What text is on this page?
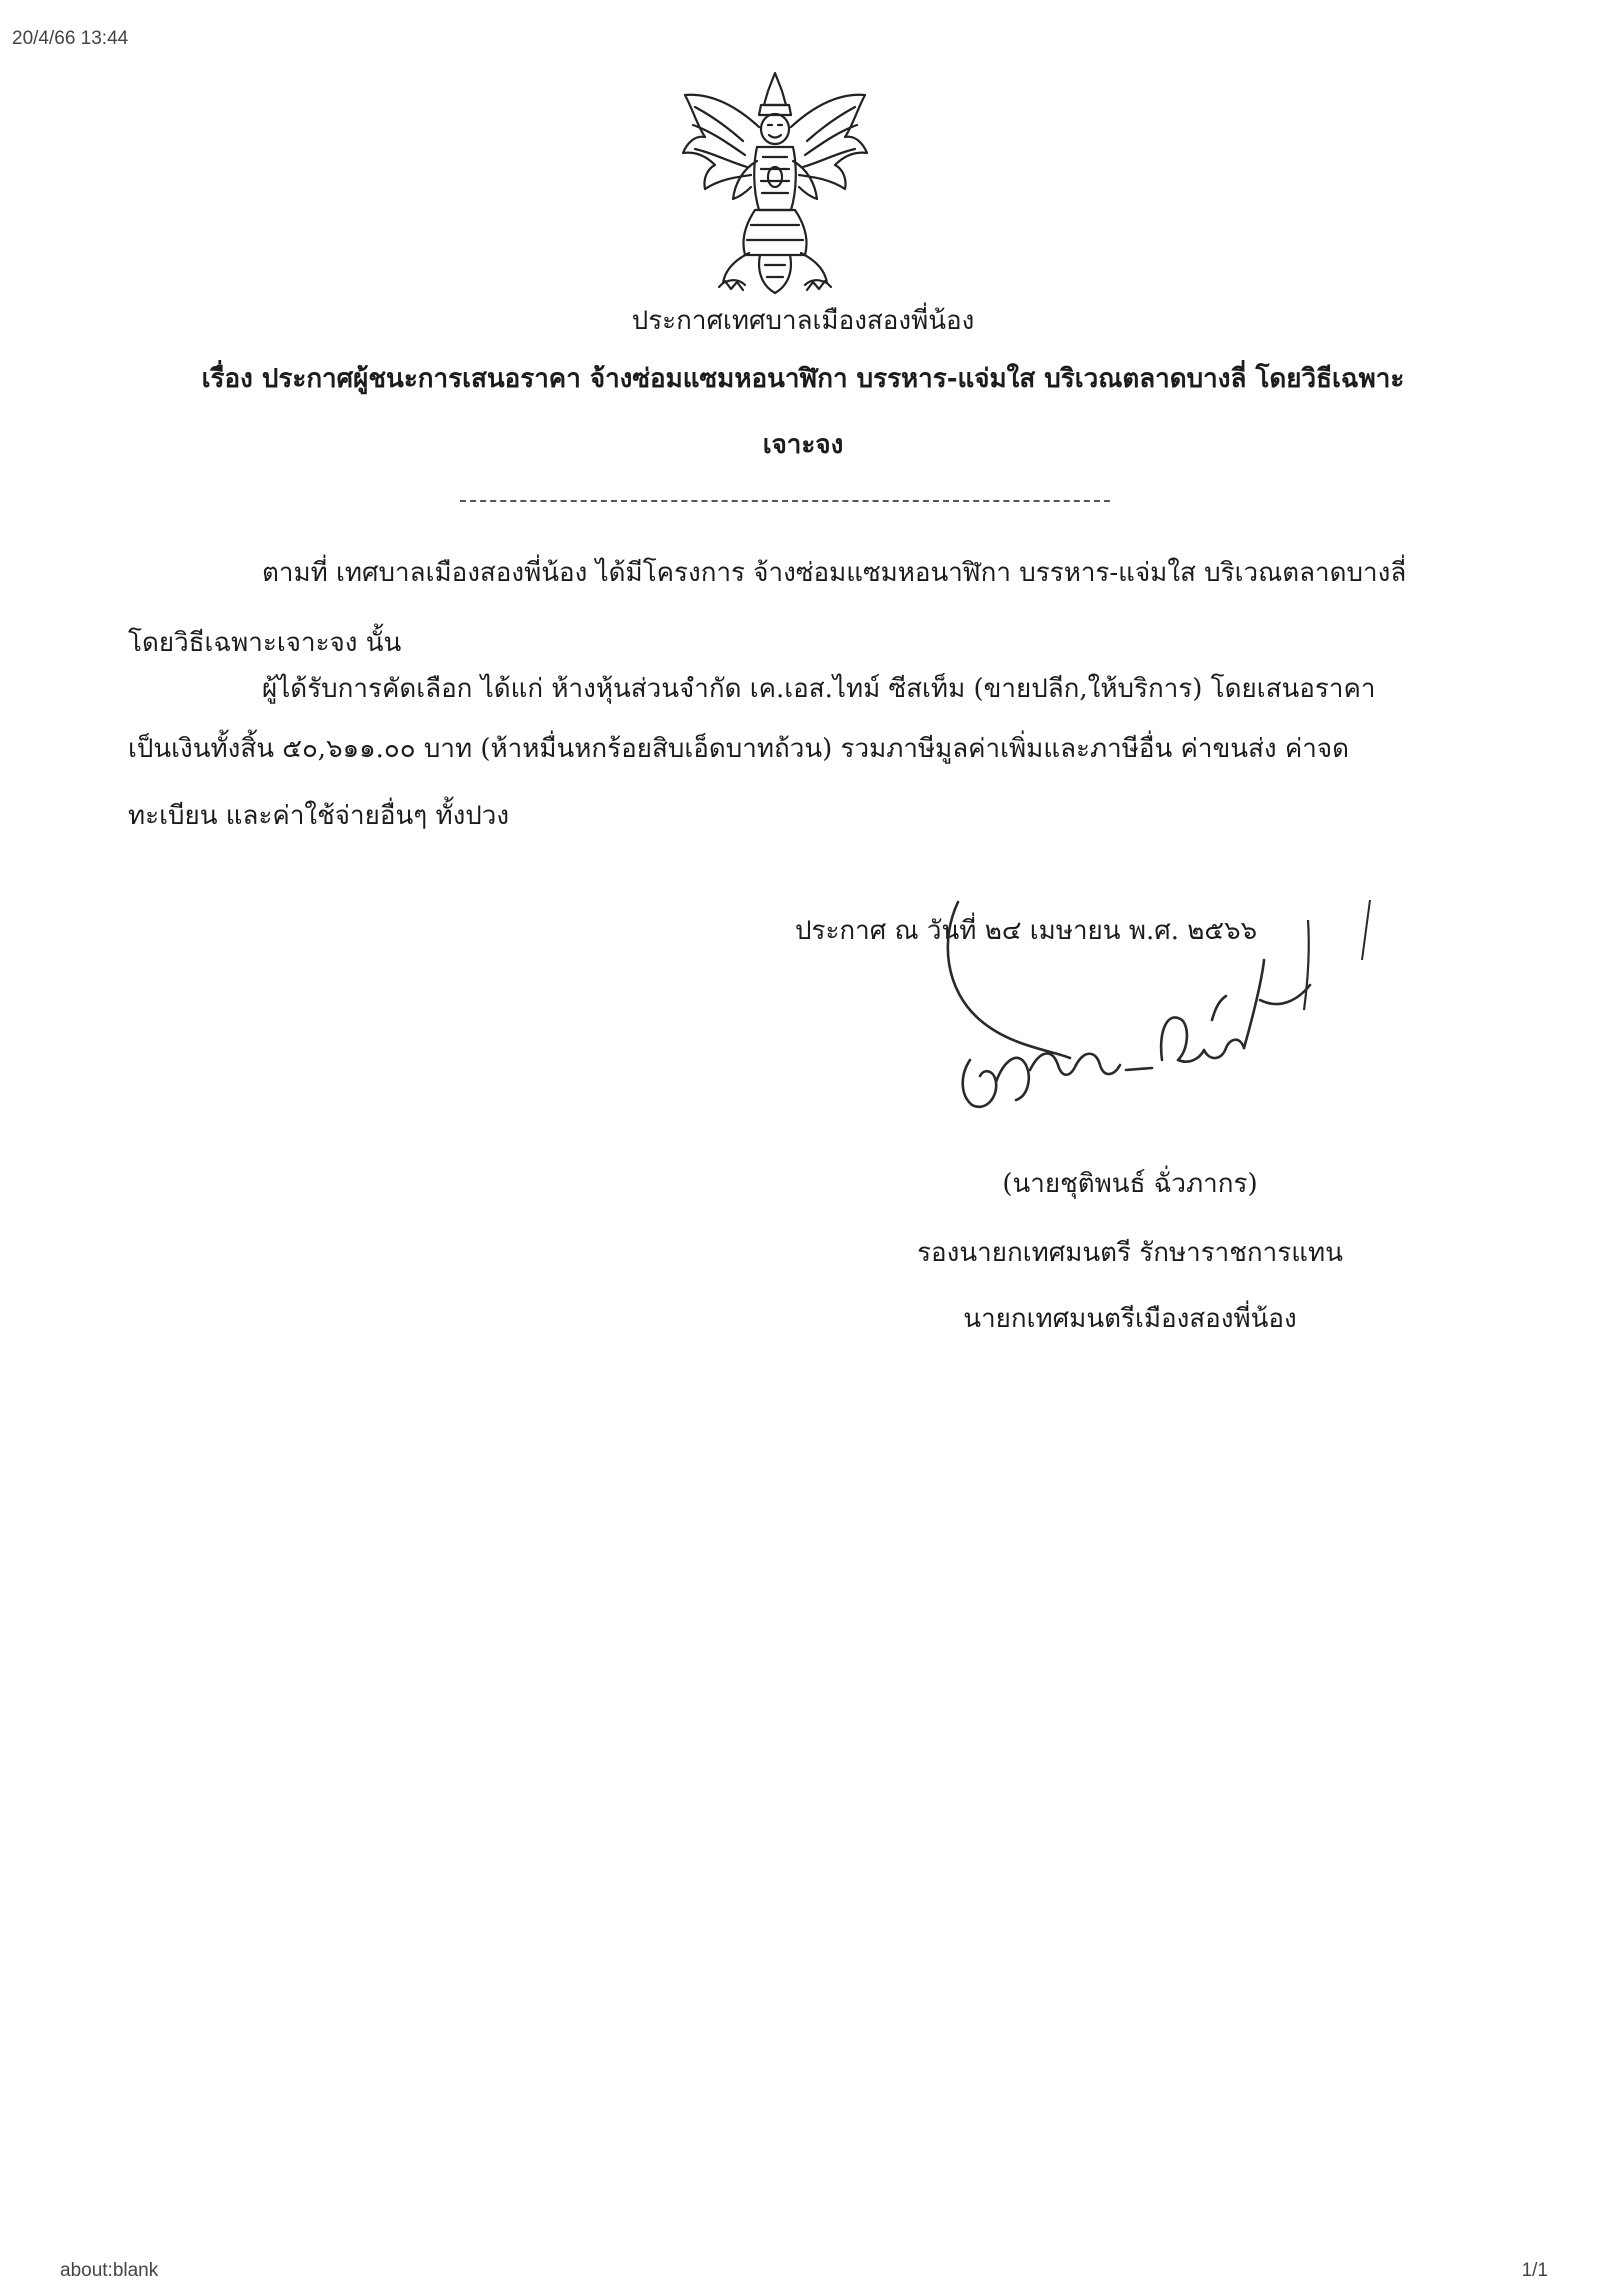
20/4/66 13:44
ประกาศเทศบาลเมืองสองพี่น้อง
เรื่อง ประกาศผู้ชนะการเสนอราคา จ้างซ่อมแซมหอนาฬิกา บรรหาร-แจ่มใส บริเวณตลาดบางลี่ โดยวิธีเฉพาะ
เจาะจง
ตามที่ เทศบาลเมืองสองพี่น้อง ได้มีโครงการ จ้างซ่อมแซมหอนาฬิกา บรรหาร-แจ่มใส บริเวณตลาดบางลี่
โดยวิธีเฉพาะเจาะจง นั้น
ผู้ได้รับการคัดเลือก ได้แก่ ห้างหุ้นส่วนจำกัด เค.เอส.ไทม์ ซีสเท็ม (ขายปลีก,ให้บริการ) โดยเสนอราคา
เป็นเงินทั้งสิ้น ๕๐,๖๑๑.๐๐ บาท (ห้าหมื่นหกร้อยสิบเอ็ดบาทถ้วน) รวมภาษีมูลค่าเพิ่มและภาษีอื่น ค่าขนส่ง ค่าจด
ทะเบียน และค่าใช้จ่ายอื่นๆ ทั้งปวง
ประกาศ ณ วันที่ ๒๔ เมษายน พ.ศ. ๒๕๖๖
(นายชุติพนธ์ ฉั่วภากร)
รองนายกเทศมนตรี รักษาราชการแทน
นายกเทศมนตรีเมืองสองพี่น้อง
about:blank	1/1
